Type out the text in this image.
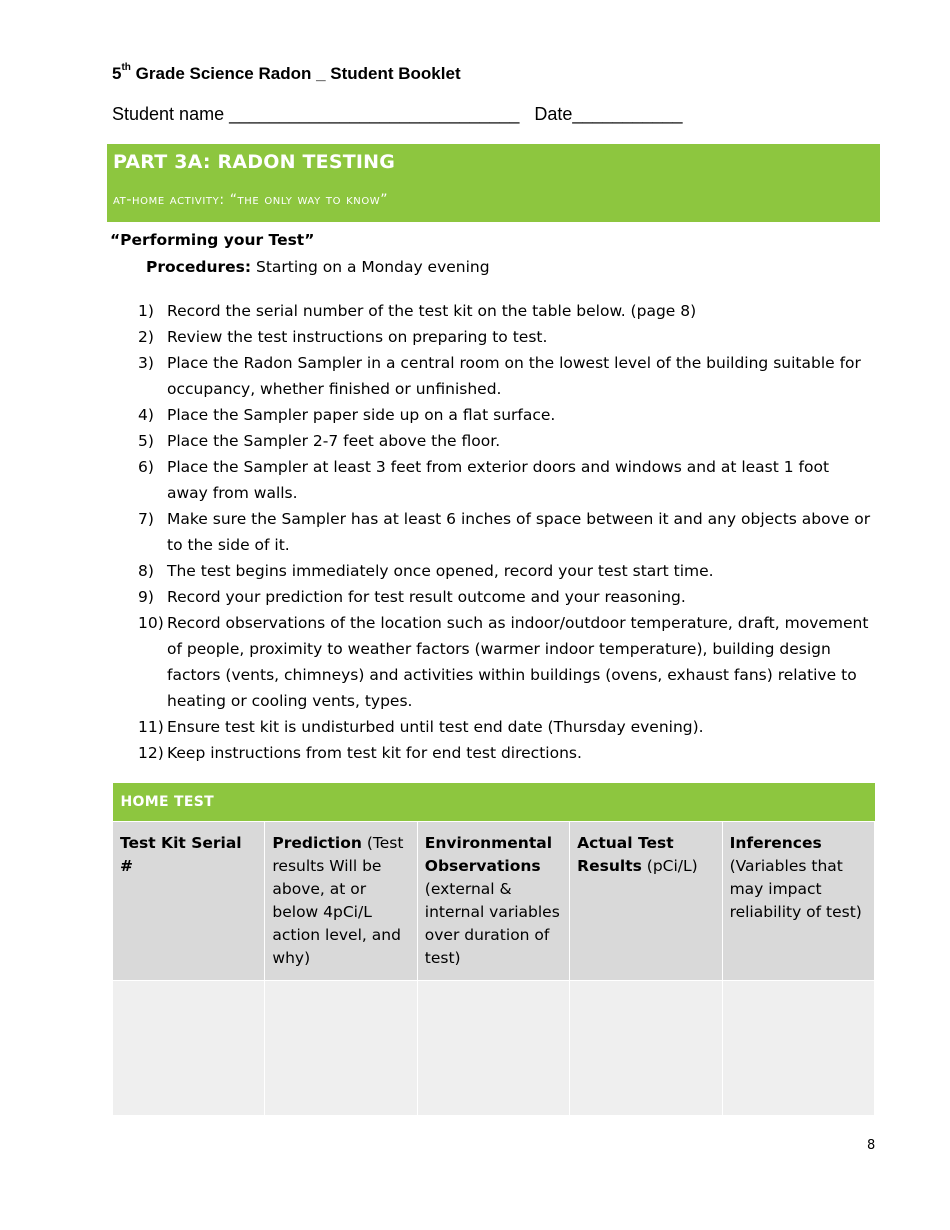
5th Grade Science Radon _ Student Booklet
Student name _____________________________   Date___________
PART 3A: RADON TESTING
at-home activity: “the only way to know”
“Performing your Test”
Procedures: Starting on a Monday evening
1) Record the serial number of the test kit on the table below. (page 8)
2) Review the test instructions on preparing to test.
3) Place the Radon Sampler in a central room on the lowest level of the building suitable for occupancy, whether finished or unfinished.
4) Place the Sampler paper side up on a flat surface.
5) Place the Sampler 2-7 feet above the floor.
6) Place the Sampler at least 3 feet from exterior doors and windows and at least 1 foot away from walls.
7) Make sure the Sampler has at least 6 inches of space between it and any objects above or to the side of it.
8) The test begins immediately once opened, record your test start time.
9) Record your prediction for test result outcome and your reasoning.
10) Record observations of the location such as indoor/outdoor temperature, draft, movement of people, proximity to weather factors (warmer indoor temperature), building design factors (vents, chimneys) and activities within buildings (ovens, exhaust fans) relative to heating or cooling vents, types.
11) Ensure test kit is undisturbed until test end date (Thursday evening).
12) Keep instructions from test kit for end test directions.
HOME TEST				
Test Kit Serial #	Prediction (Test results Will be above, at or below 4pCi/L action level, and why)	Environmental Observations (external & internal variables over duration of test)	Actual Test Results (pCi/L)	Inferences (Variables that may impact reliability of test)

8
